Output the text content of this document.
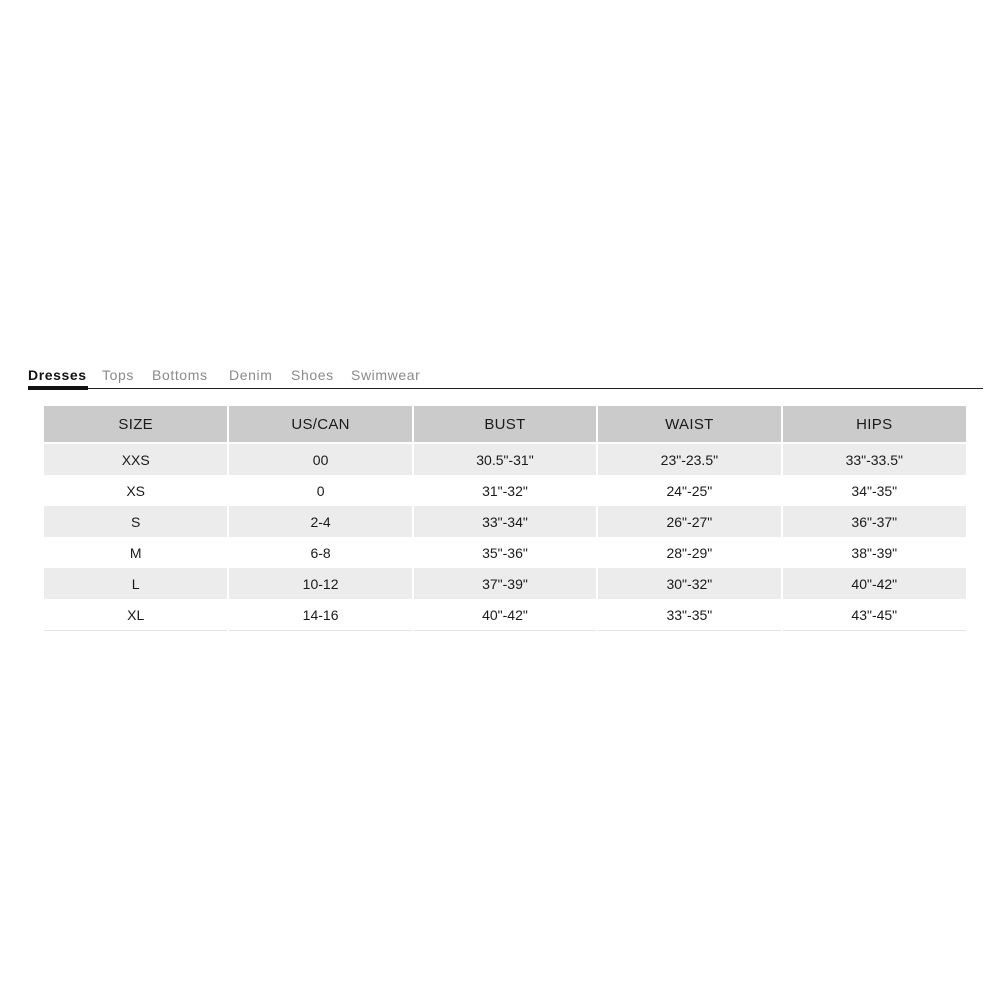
Dresses Tops Bottoms Denim Shoes Swimwear
SIZE	US/CAN	BUST	WAIST	HIPS
XXS	00	30.5"-31"	23"-23.5"	33"-33.5"
XS	0	31"-32"	24"-25"	34"-35"
S	2-4	33"-34"	26"-27"	36"-37"
M	6-8	35"-36"	28"-29"	38"-39"
L	10-12	37"-39"	30"-32"	40"-42"
XL	14-16	40"-42"	33"-35"	43"-45"
